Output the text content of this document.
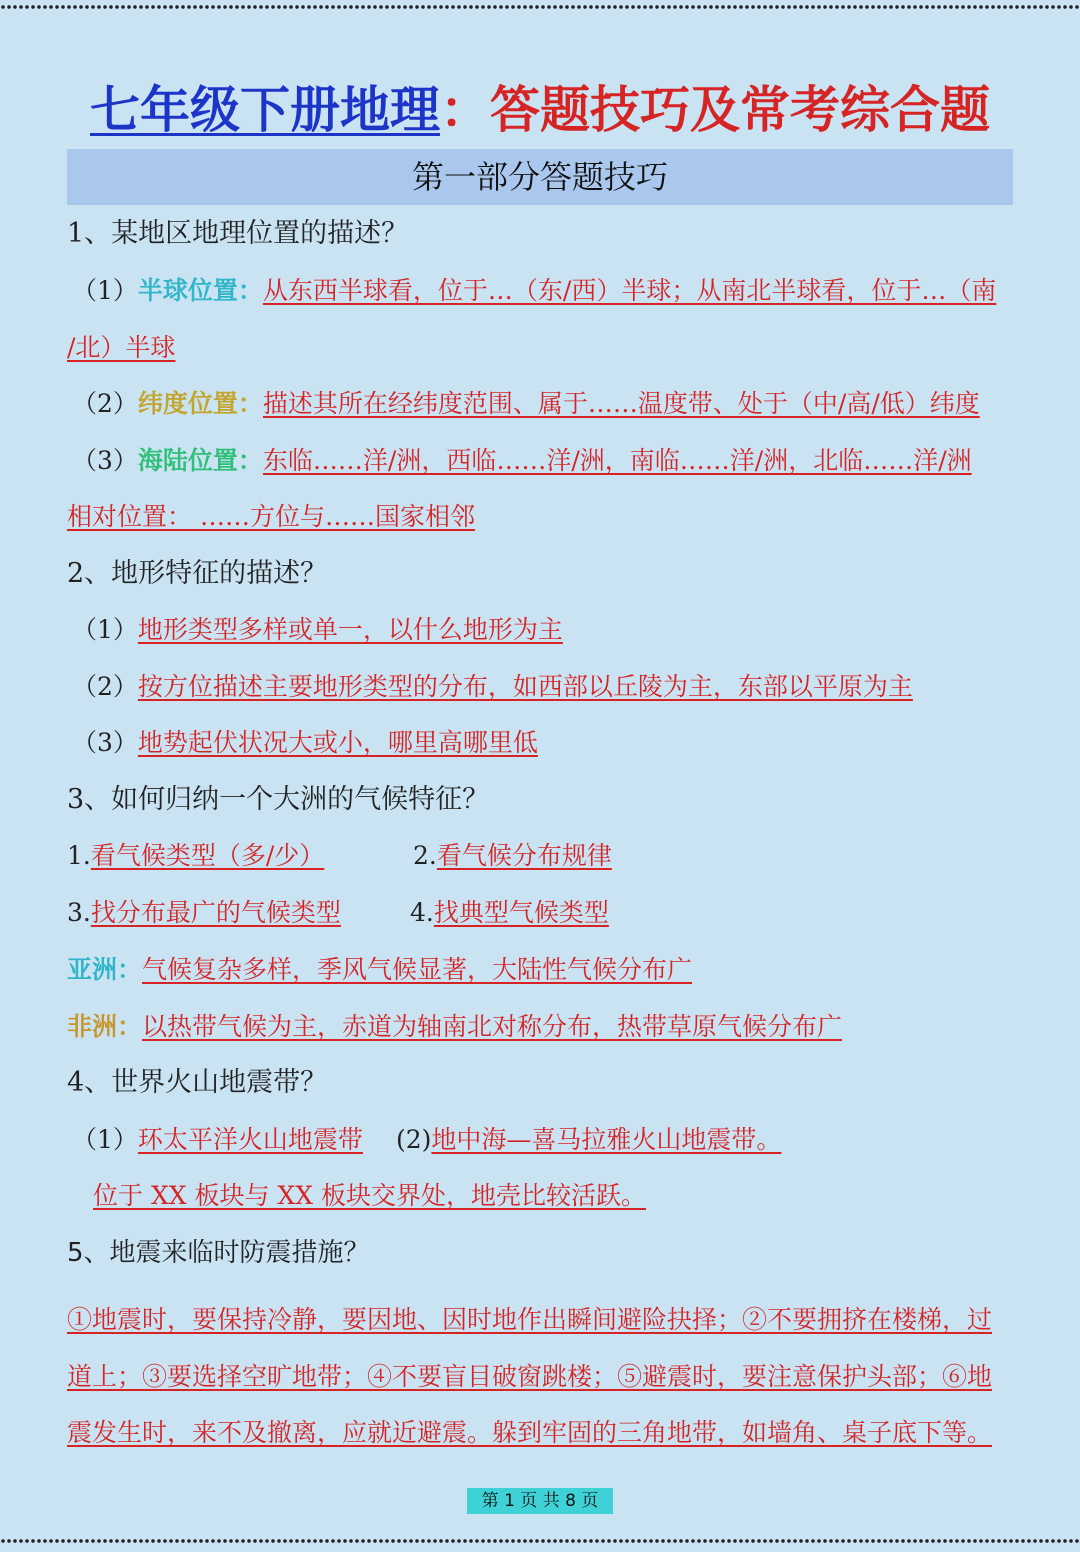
七年级下册地理：答题技巧及常考综合题
第一部分答题技巧
1、某地区地理位置的描述？
（1）半球位置：从东西半球看，位于…（东/西）半球；从南北半球看，位于…（南
/北）半球
（2）纬度位置：描述其所在经纬度范围、属于……温度带、处于（中/高/低）纬度
（3）海陆位置：东临……洋/洲，西临……洋/洲，南临……洋/洲，北临……洋/洲
相对位置： ……方位与……国家相邻
2、地形特征的描述？
（1）地形类型多样或单一，以什么地形为主
（2）按方位描述主要地形类型的分布，如西部以丘陵为主，东部以平原为主
（3）地势起伏状况大或小，哪里高哪里低
3、如何归纳一个大洲的气候特征？
1.看气候类型（多/少）	2.看气候分布规律
3.找分布最广的气候类型	4.找典型气候类型
亚洲：气候复杂多样，季风气候显著，大陆性气候分布广
非洲：以热带气候为主，赤道为轴南北对称分布，热带草原气候分布广
4、世界火山地震带？
（1）环太平洋火山地震带 (2)地中海—喜马拉雅火山地震带。
位于 XX 板块与 XX 板块交界处，地壳比较活跃。
5、地震来临时防震措施？
①地震时，要保持冷静，要因地、因时地作出瞬间避险抉择；②不要拥挤在楼梯，过
道上；③要选择空旷地带；④不要盲目破窗跳楼；⑤避震时，要注意保护头部；⑥地
震发生时，来不及撤离，应就近避震。躲到牢固的三角地带，如墙角、桌子底下等。
第 1 页 共 8 页
